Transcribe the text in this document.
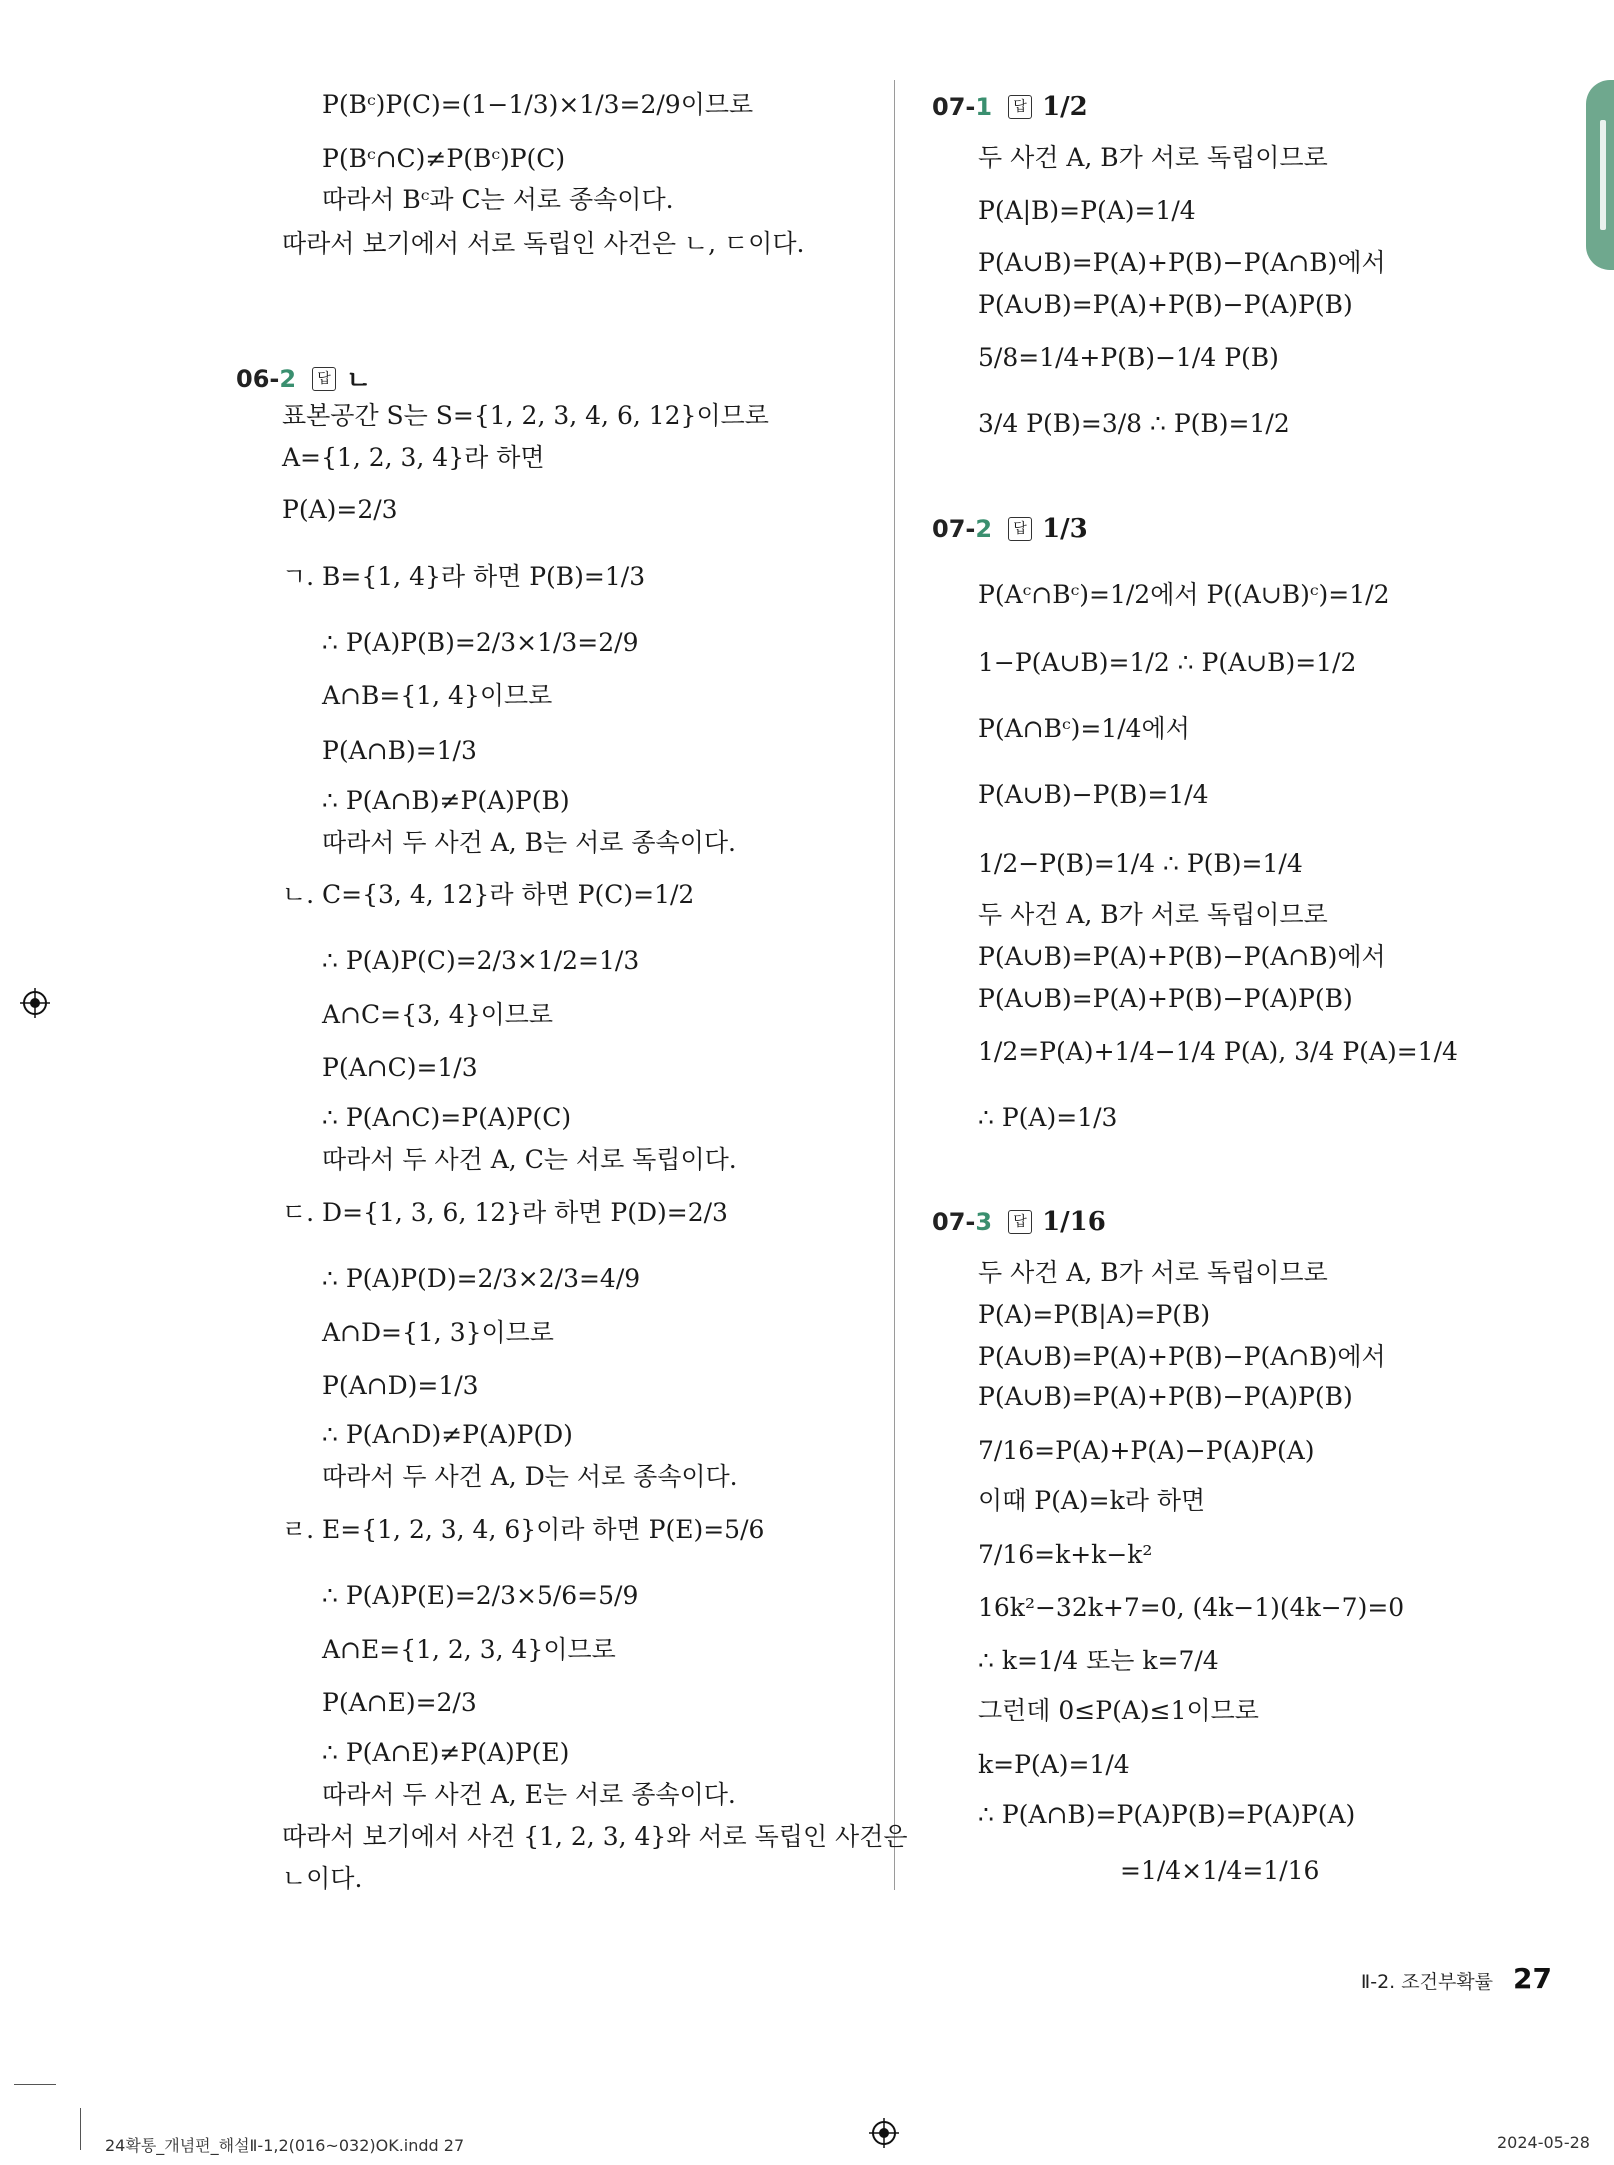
P(Bᶜ)P(C)=(1−1/3)×1/3=2/9이므로
P(Bᶜ∩C)≠P(Bᶜ)P(C)
따라서 Bᶜ과 C는 서로 종속이다.
따라서 보기에서 서로 독립인 사건은 ㄴ, ㄷ이다.
06-2	답 ㄴ
표본공간 S는 S={1, 2, 3, 4, 6, 12}이므로
A={1, 2, 3, 4}라 하면
P(A)=2/3
ㄱ. B={1, 4}라 하면 P(B)=1/3
∴ P(A)P(B)=2/3×1/3=2/9
A∩B={1, 4}이므로
P(A∩B)=1/3
∴ P(A∩B)≠P(A)P(B)
따라서 두 사건 A, B는 서로 종속이다.
ㄴ. C={3, 4, 12}라 하면 P(C)=1/2
∴ P(A)P(C)=2/3×1/2=1/3
A∩C={3, 4}이므로
P(A∩C)=1/3
∴ P(A∩C)=P(A)P(C)
따라서 두 사건 A, C는 서로 독립이다.
ㄷ. D={1, 3, 6, 12}라 하면 P(D)=2/3
∴ P(A)P(D)=2/3×2/3=4/9
A∩D={1, 3}이므로
P(A∩D)=1/3
∴ P(A∩D)≠P(A)P(D)
따라서 두 사건 A, D는 서로 종속이다.
ㄹ. E={1, 2, 3, 4, 6}이라 하면 P(E)=5/6
∴ P(A)P(E)=2/3×5/6=5/9
A∩E={1, 2, 3, 4}이므로
P(A∩E)=2/3
∴ P(A∩E)≠P(A)P(E)
따라서 두 사건 A, E는 서로 종속이다.
따라서 보기에서 사건 {1, 2, 3, 4}와 서로 독립인 사건은
ㄴ이다.
07-1	답 1/2
두 사건 A, B가 서로 독립이므로
P(A|B)=P(A)=1/4
P(A∪B)=P(A)+P(B)−P(A∩B)에서
P(A∪B)=P(A)+P(B)−P(A)P(B)
5/8=1/4+P(B)−1/4 P(B)
3/4 P(B)=3/8 ∴ P(B)=1/2
07-2	답 1/3
P(Aᶜ∩Bᶜ)=1/2에서 P((A∪B)ᶜ)=1/2
1−P(A∪B)=1/2 ∴ P(A∪B)=1/2
P(A∩Bᶜ)=1/4에서
P(A∪B)−P(B)=1/4
1/2−P(B)=1/4 ∴ P(B)=1/4
두 사건 A, B가 서로 독립이므로
P(A∪B)=P(A)+P(B)−P(A∩B)에서
P(A∪B)=P(A)+P(B)−P(A)P(B)
1/2=P(A)+1/4−1/4 P(A), 3/4 P(A)=1/4
∴ P(A)=1/3
07-3	답 1/16
두 사건 A, B가 서로 독립이므로
P(A)=P(B|A)=P(B)
P(A∪B)=P(A)+P(B)−P(A∩B)에서
P(A∪B)=P(A)+P(B)−P(A)P(B)
7/16=P(A)+P(A)−P(A)P(A)
이때 P(A)=k라 하면
7/16=k+k−k²
16k²−32k+7=0, (4k−1)(4k−7)=0
∴ k=1/4 또는 k=7/4
그런데 0≤P(A)≤1이므로
k=P(A)=1/4
∴ P(A∩B)=P(A)P(B)=P(A)P(A)
=1/4×1/4=1/16
Ⅱ-2. 조건부확률 27
24확통_개념편_해설Ⅱ-1,2(016~032)OK.indd 27	2024-05-28
